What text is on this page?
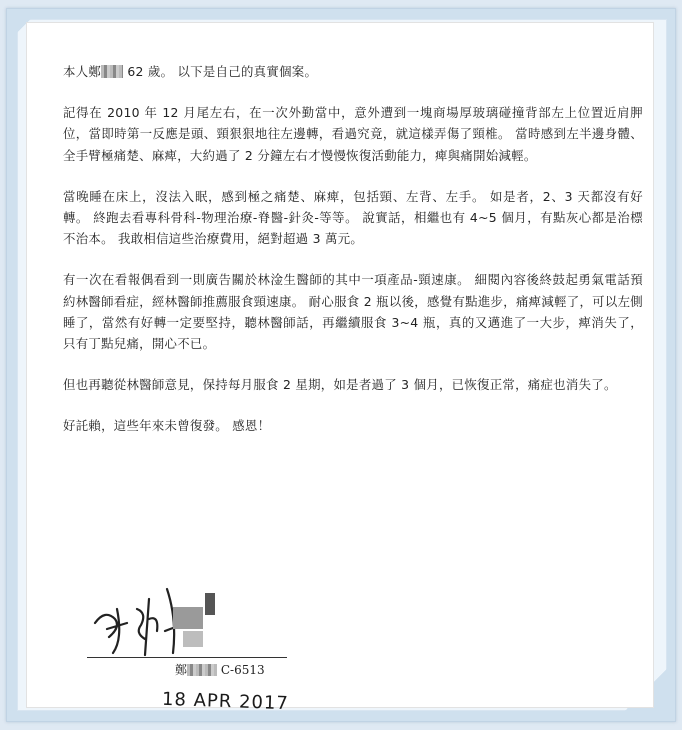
本人鄭 62 歲。 以下是自己的真實個案。

記得在 2010 年 12 月尾左右，在一次外勤當中，意外遭到一塊商場厚玻璃碰撞背部左上位置近肩胛位，當即時第一反應是頭、頸狠狠地往左邊轉，看過究竟，就這樣弄傷了頸椎。 當時感到左半邊身體、全手臂極痛楚、麻痺，大約過了 2 分鐘左右才慢慢恢復活動能力，痺與痛開始減輕。

當晚睡在床上，沒法入眠，感到極之痛楚、麻痺，包括頸、左背、左手。 如是者，2、3 天都沒有好轉。 終跑去看專科骨科-物理治療-脊醫-針灸-等等。 說實話，相繼也有 4~5 個月，有點灰心都是治標不治本。 我敢相信這些治療費用，絕對超過 3 萬元。

有一次在看報偶看到一則廣告關於林淦生醫師的其中一項產品-頸速康。 細閱內容後終鼓起勇氣電話預約林醫師看症，經林醫師推薦服食頸速康。 耐心服食 2 瓶以後，感覺有點進步，痛痺減輕了，可以左側睡了，當然有好轉一定要堅持，聽林醫師話，再繼續服食 3~4 瓶，真的又邁進了一大步，痺消失了，只有丁點兒痛，開心不已。

但也再聽從林醫師意見，保持每月服食 2 星期，如是者過了 3 個月，已恢復正常，痛症也消失了。

好託賴，這些年來未曾復發。 感恩！

鄭	C-6513
18 APR 2017
